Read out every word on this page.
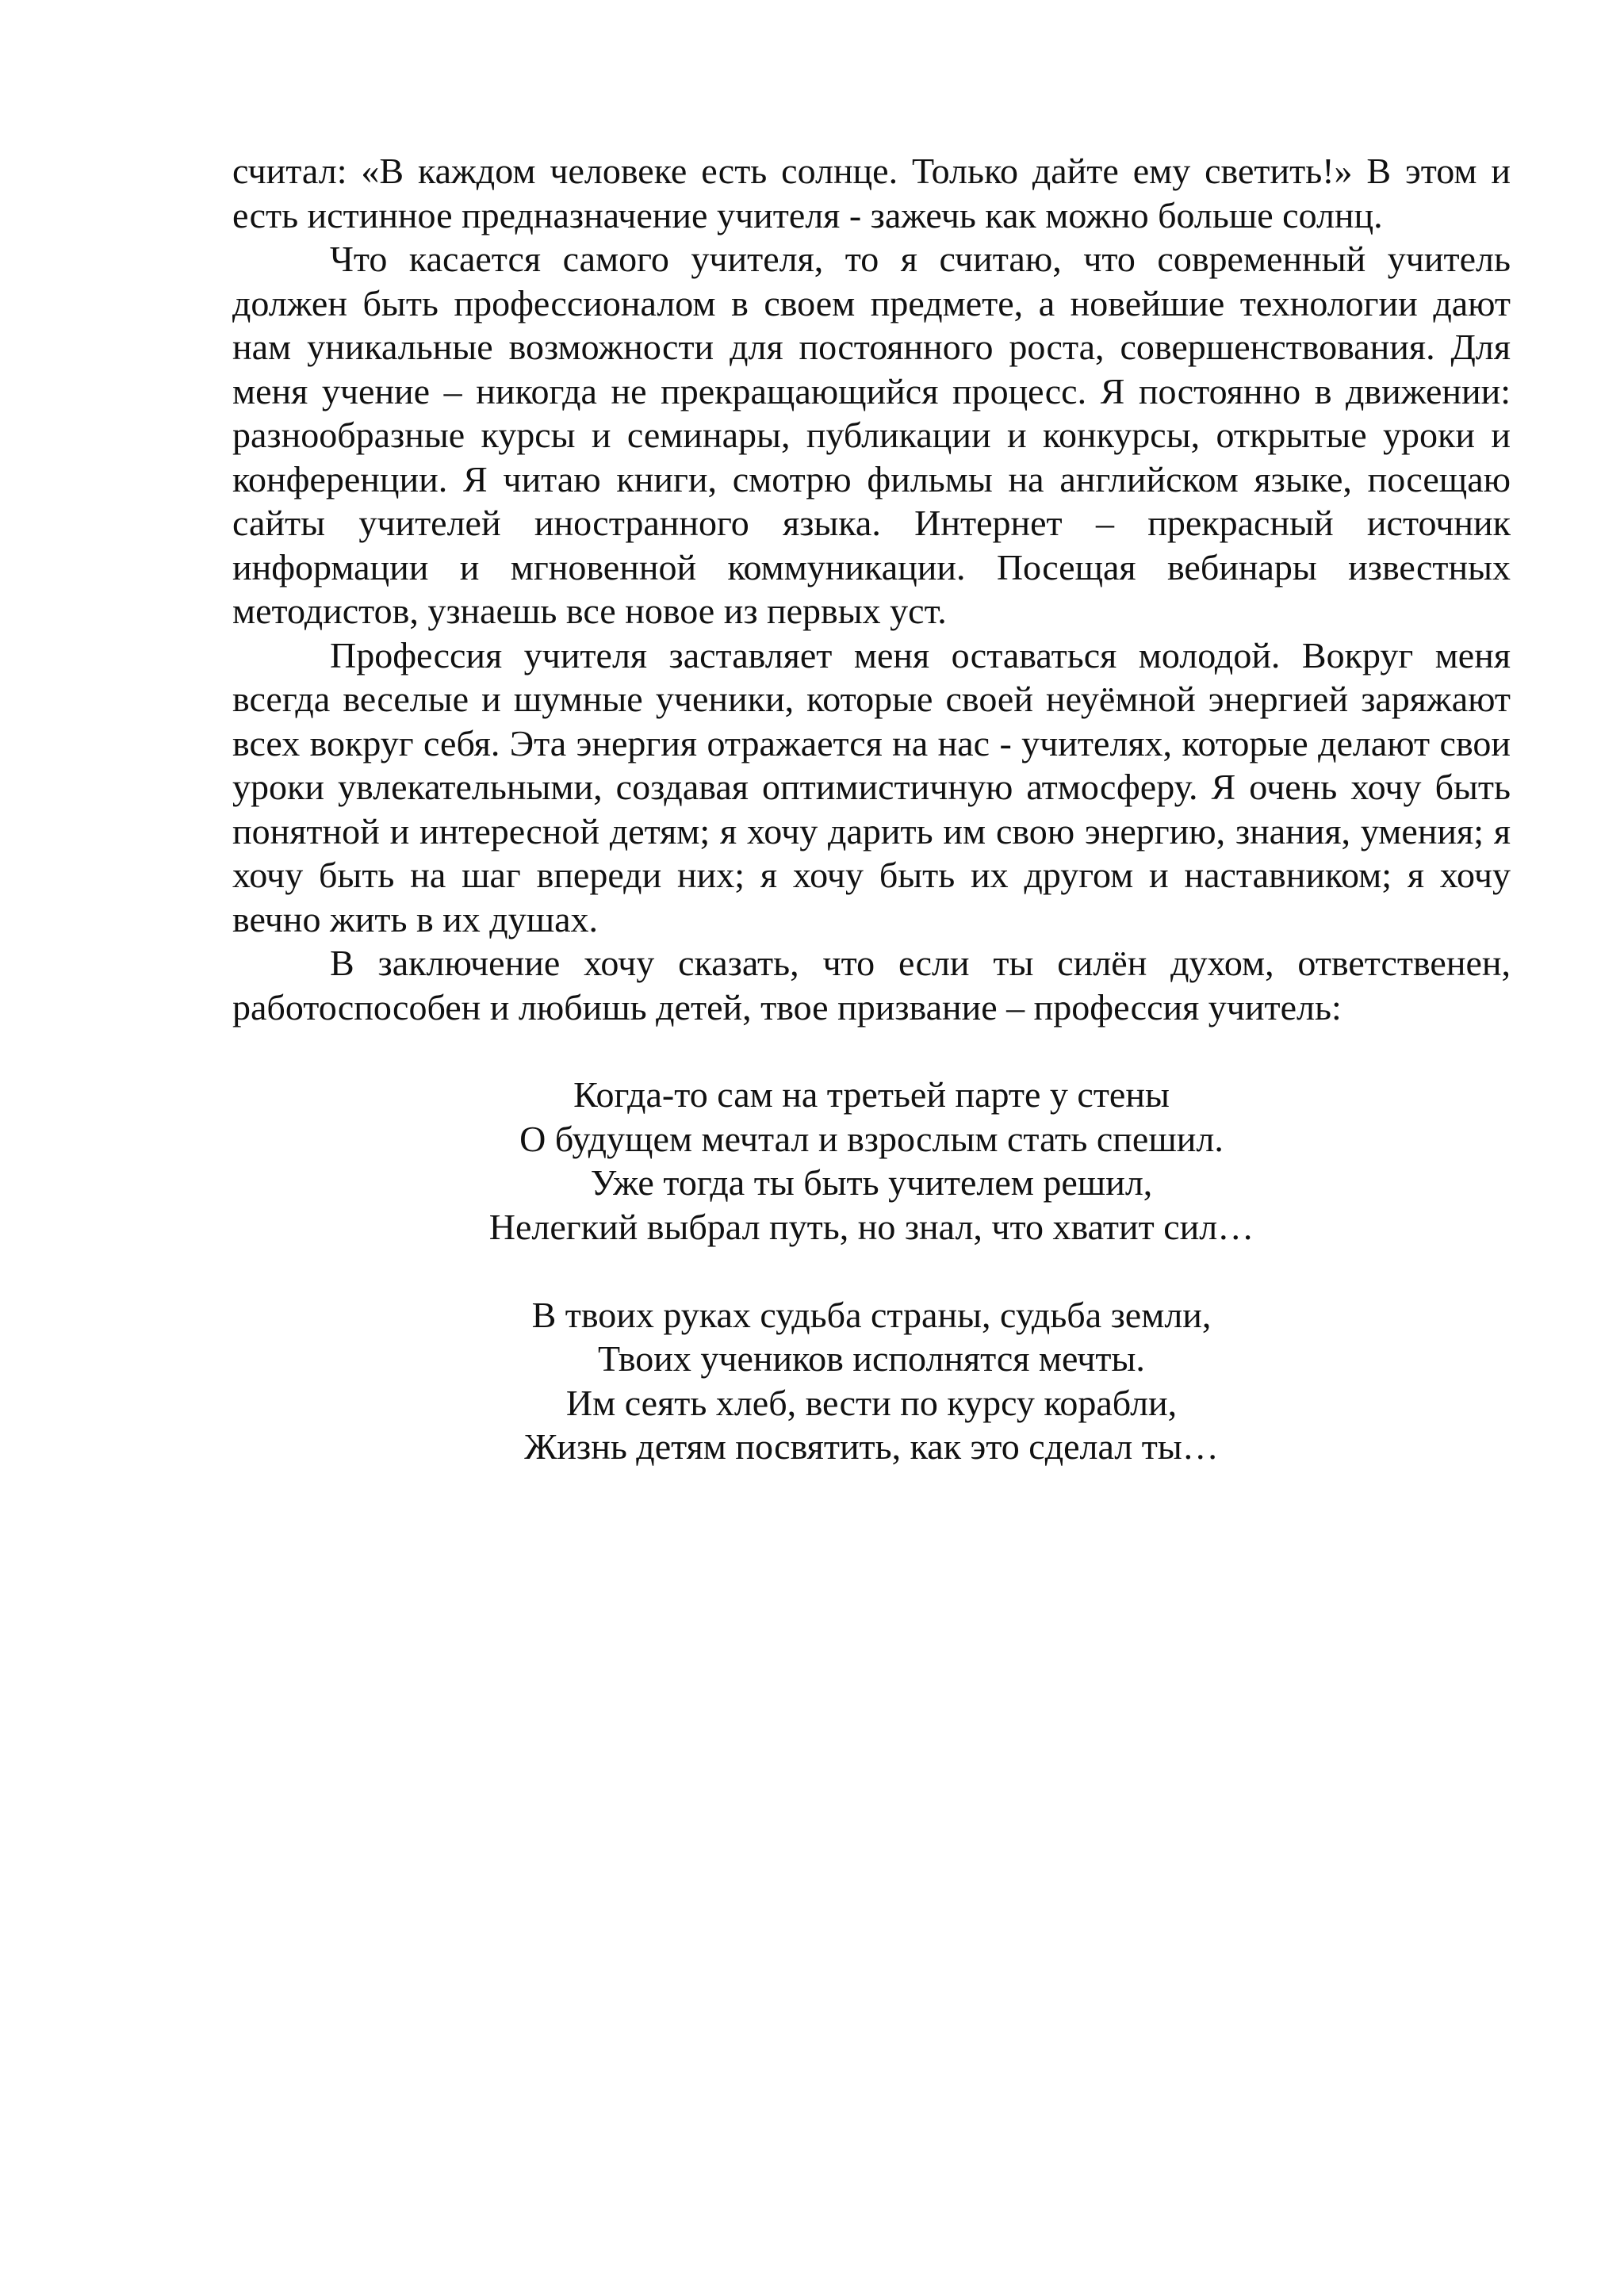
считал: «В каждом человеке есть солнце. Только дайте ему светить!» В этом и есть истинное предназначение учителя - зажечь как можно больше солнц.

Что касается самого учителя, то я считаю, что современный учитель должен быть профессионалом в своем предмете, а новейшие технологии дают нам уникальные возможности для постоянного роста, совершенствования. Для меня учение – никогда не прекращающийся процесс. Я постоянно в движении: разнообразные курсы и семинары, публикации и конкурсы, открытые уроки и конференции. Я читаю книги, смотрю фильмы на английском языке, посещаю сайты учителей иностранного языка. Интернет – прекрасный источник информации и мгновенной коммуникации. Посещая вебинары известных методистов, узнаешь все новое из первых уст.

Профессия учителя заставляет меня оставаться молодой. Вокруг меня всегда веселые и шумные ученики, которые своей неуёмной энергией заряжают всех вокруг себя. Эта энергия отражается на нас - учителях, которые делают свои уроки увлекательными, создавая оптимистичную атмосферу. Я очень хочу быть понятной и интересной детям; я хочу дарить им свою энергию, знания, умения; я хочу быть на шаг впереди них; я хочу быть их другом и наставником; я хочу вечно жить в их душах.

В заключение хочу сказать, что если ты силён духом, ответственен, работоспособен и любишь детей, твое призвание – профессия учитель:

Когда-то сам на третьей парте у стены
О будущем мечтал и взрослым стать спешил.
Уже тогда ты быть учителем решил,
Нелегкий выбрал путь, но знал, что хватит сил…
В твоих руках судьба страны, судьба земли,
Твоих учеников исполнятся мечты.
Им сеять хлеб, вести по курсу корабли,
Жизнь детям посвятить, как это сделал ты…
